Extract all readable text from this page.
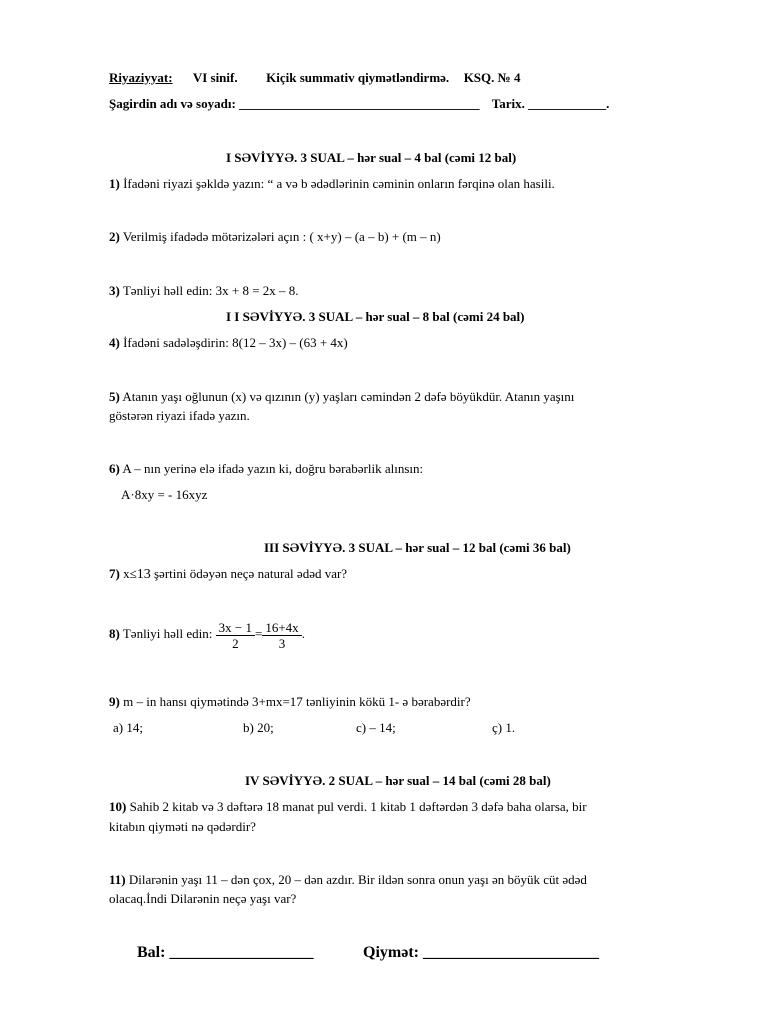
Riyaziyyat: VI sinif. Kiçik summativ qiymətləndirmə. KSQ. № 4
Şagirdin adı və soyadı: _____________________________________ Tarix. ____________.
I SƏVİYYƏ. 3 SUAL – hər sual – 4 bal (cəmi 12 bal)
1) İfadəni riyazi şəkldə yazın: “ a və b ədədlərinin cəminin onların fərqinə olan hasili.
2) Verilmiş ifadədə mötərizələri açın : ( x+y) – (a – b) + (m – n)
3) Tənliyi həll edin: 3x + 8 = 2x – 8.
I I SƏVİYYƏ. 3 SUAL – hər sual – 8 bal (cəmi 24 bal)
4) İfadəni sadələşdirin: 8(12 – 3x) – (63 + 4x)
5) Atanın yaşı oğlunun (x) və qızının (y) yaşları cəmindən 2 dəfə böyükdür. Atanın yaşını
göstərən riyazi ifadə yazın.
6) A – nın yerinə elə ifadə yazın ki, doğru bərabərlik alınsın:
A·8xy = - 16xyz
III SƏVİYYƏ. 3 SUAL – hər sual – 12 bal (cəmi 36 bal)
7) x≤13 şərtini ödəyən neçə natural ədəd var?
8) Tənliyi həll edin: $\frac{3x - 1}{2} = \frac{16+4x}{3}$ .
9) m – in hansı qiymətində 3+mx=17 tənliyinin kökü 1- ə bərabərdir?
a) 14;	b) 20;	c) – 14;	ç) 1.
IV SƏVİYYƏ. 2 SUAL – hər sual – 14 bal (cəmi 28 bal)
10) Sahib 2 kitab və 3 dəftərə 18 manat pul verdi. 1 kitab 1 dəftərdən 3 dəfə baha olarsa, bir
kitabın qiyməti nə qədərdir?
11) Dilarənin yaşı 11 – dən çox, 20 – dən azdır. Bir ildən sonra onun yaşı ən böyük cüt ədəd
olacaq.İndi Dilarənin neçə yaşı var?
Bal: __________________	Qiymət: ______________________
